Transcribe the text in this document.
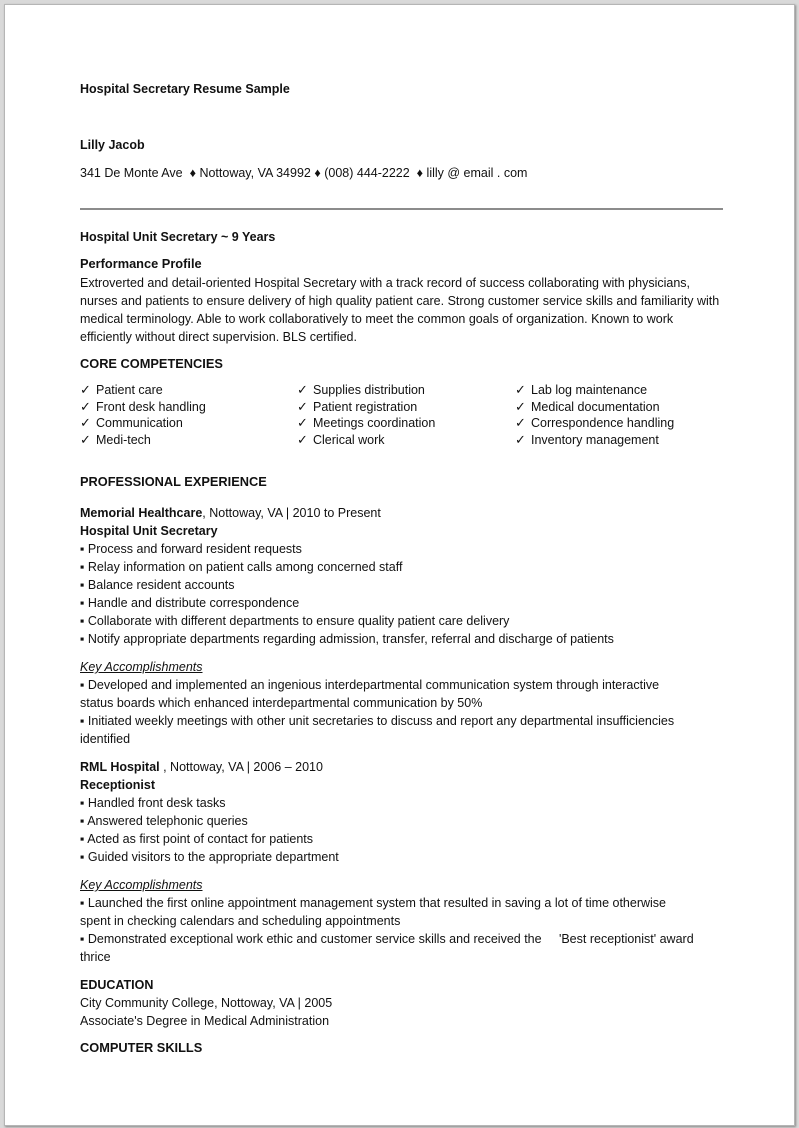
Hospital Secretary Resume Sample
Lilly Jacob
341 De Monte Ave ♦ Nottoway, VA 34992 ♦ (008) 444-2222 ♦ lilly @ email . com
Hospital Unit Secretary ~ 9 Years
Performance Profile
Extroverted and detail-oriented Hospital Secretary with a track record of success collaborating with physicians, nurses and patients to ensure delivery of high quality patient care. Strong customer service skills and familiarity with medical terminology. Able to work collaboratively to meet the common goals of organization. Known to work efficiently without direct supervision. BLS certified.
CORE COMPETENCIES
✓ Patient care
✓ Front desk handling
✓ Communication
✓ Medi-tech
✓ Supplies distribution
✓ Patient registration
✓ Meetings coordination
✓ Clerical work
✓ Lab log maintenance
✓ Medical documentation
✓ Correspondence handling
✓ Inventory management
PROFESSIONAL EXPERIENCE
Memorial Healthcare, Nottoway, VA | 2010 to Present
Hospital Unit Secretary
▪ Process and forward resident requests
▪ Relay information on patient calls among concerned staff
▪ Balance resident accounts
▪ Handle and distribute correspondence
▪ Collaborate with different departments to ensure quality patient care delivery
▪ Notify appropriate departments regarding admission, transfer, referral and discharge of patients
Key Accomplishments
▪ Developed and implemented an ingenious interdepartmental communication system through interactive
status boards which enhanced interdepartmental communication by 50%
▪ Initiated weekly meetings with other unit secretaries to discuss and report any departmental insufficiencies
identified
RML Hospital , Nottoway, VA | 2006 – 2010
Receptionist
▪ Handled front desk tasks
▪ Answered telephonic queries
▪ Acted as first point of contact for patients
▪ Guided visitors to the appropriate department
Key Accomplishments
▪ Launched the first online appointment management system that resulted in saving a lot of time otherwise
spent in checking calendars and scheduling appointments
▪ Demonstrated exceptional work ethic and customer service skills and received the     'Best receptionist' award
thrice
EDUCATION
City Community College, Nottoway, VA | 2005
Associate's Degree in Medical Administration
COMPUTER SKILLS
